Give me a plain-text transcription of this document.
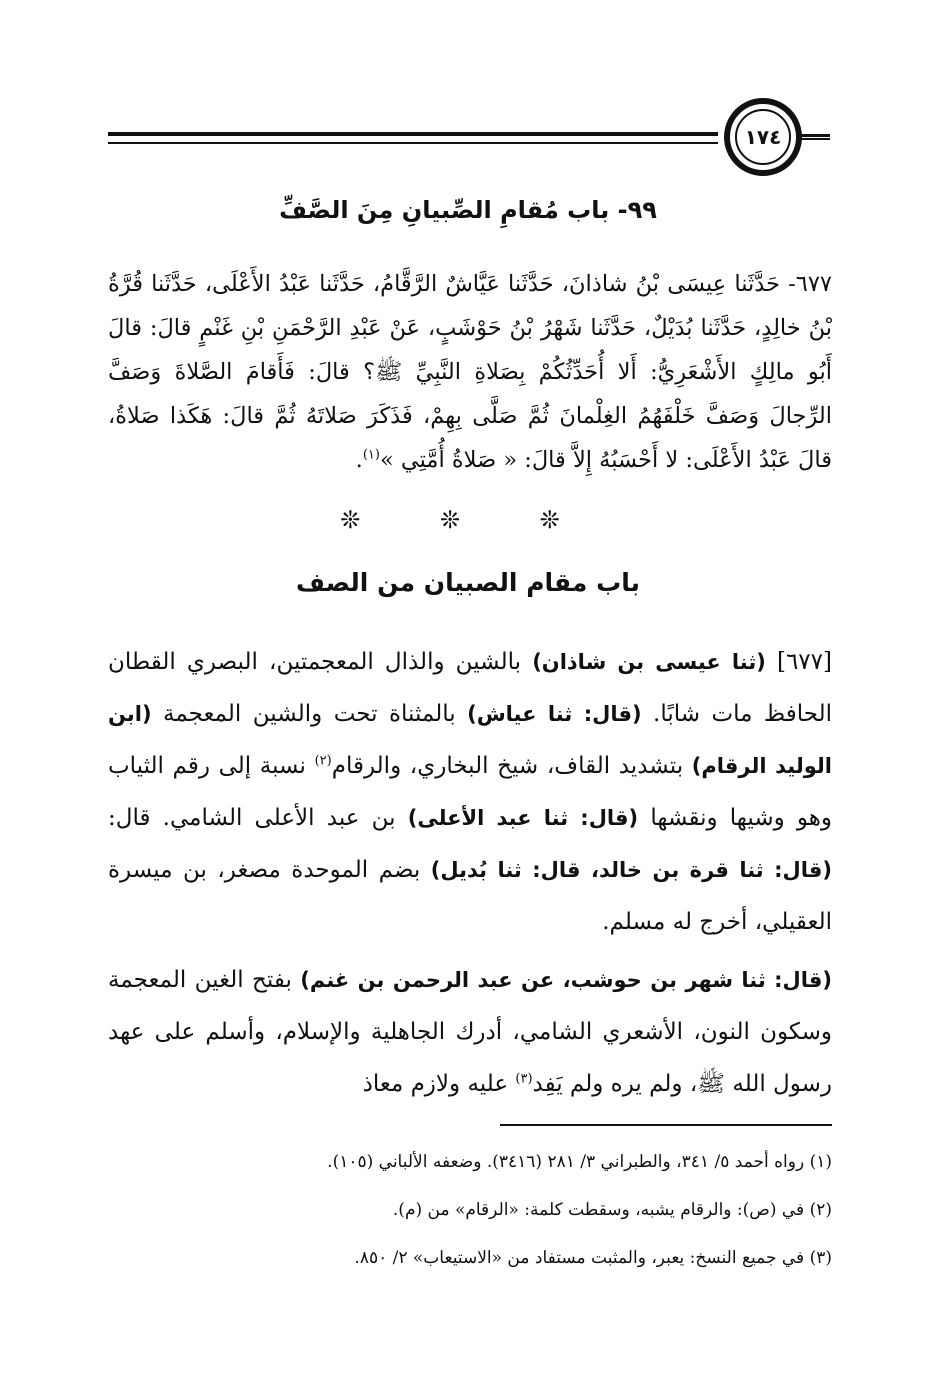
١٧٤
٩٩- باب مُقامِ الصِّبيانِ مِنَ الصَّفِّ

٦٧٧- حَدَّثَنا عِيسَى بْنُ شاذانَ، حَدَّثَنا عَيَّاشٌ الرَّقَّامُ، حَدَّثَنا عَبْدُ الأَعْلَى، حَدَّثَنا قُرَّةُ بْنُ خالِدٍ، حَدَّثَنا بُدَيْلٌ، حَدَّثَنا شَهْرُ بْنُ حَوْشَبٍ، عَنْ عَبْدِ الرَّحْمَنِ بْنِ غَنْمٍ قالَ: قالَ أَبُو مالِكٍ الأَشْعَرِيُّ: أَلا أُحَدِّثُكُمْ بِصَلاةِ النَّبِيِّ ﷺ؟ قالَ: فَأَقامَ الصَّلاةَ وَصَفَّ الرِّجالَ وَصَفَّ خَلْفَهُمُ الغِلْمانَ ثُمَّ صَلَّى بِهِمْ، فَذَكَرَ صَلاتَهُ ثُمَّ قالَ: هَكَذا صَلاةُ، قالَ عَبْدُ الأَعْلَى: لا أَحْسَبُهُ إِلاَّ قالَ: « صَلاةُ أُمَّتِي »$^{(١)}$.

❊ ❊ ❊
باب مقام الصبيان من الصف

[٦٧٧] (ثنا عيسى بن شاذان) بالشين والذال المعجمتين، البصري القطان الحافظ مات شابًا. (قال: ثنا عياش) بالمثناة تحت والشين المعجمة (ابن الوليد الرقام) بتشديد القاف، شيخ البخاري، والرقام$^{(٢)}$ نسبة إلى رقم الثياب وهو وشيها ونقشها (قال: ثنا عبد الأعلى) بن عبد الأعلى الشامي. قال: (قال: ثنا قرة بن خالد، قال: ثنا بُديل) بضم الموحدة مصغر، بن ميسرة العقيلي، أخرج له مسلم.

(قال: ثنا شهر بن حوشب، عن عبد الرحمن بن غنم) بفتح الغين المعجمة وسكون النون، الأشعري الشامي، أدرك الجاهلية والإسلام، وأسلم على عهد رسول الله ﷺ، ولم يره ولم يَفِد$^{(٣)}$ عليه ولازم معاذ

(١) رواه أحمد ٥/ ٣٤١، والطبراني ٣/ ٢٨١ (٣٤١٦). وضعفه الألباني (١٠٥).

(٢) في (ص): والرقام يشبه، وسقطت كلمة: «الرقام» من (م).

(٣) في جميع النسخ: يعبر، والمثبت مستفاد من «الاستيعاب» ٢/ ٨٥٠.
